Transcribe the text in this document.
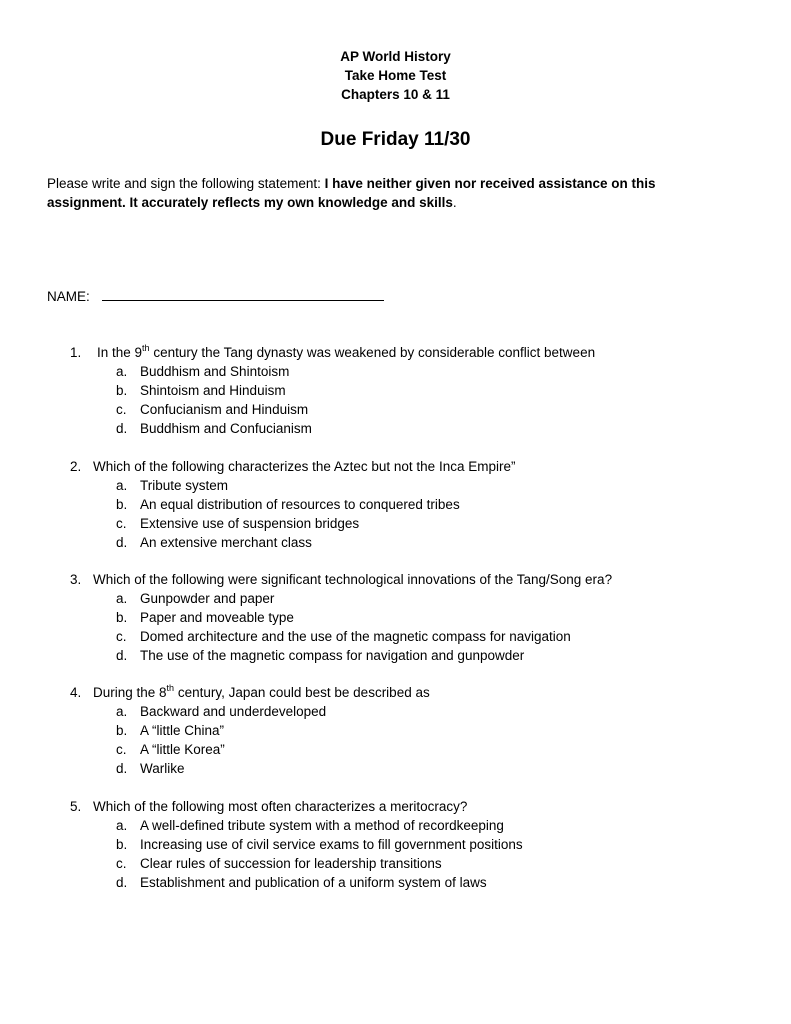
AP World History
Take Home Test
Chapters 10 & 11
Due Friday 11/30
Please write and sign the following statement: I have neither given nor received assistance on this
assignment. It accurately reflects my own knowledge and skills.
NAME:
1. In the 9th century the Tang dynasty was weakened by considerable conflict between
a. Buddhism and Shintoism
b. Shintoism and Hinduism
c. Confucianism and Hinduism
d. Buddhism and Confucianism
2. Which of the following characterizes the Aztec but not the Inca Empire”
a. Tribute system
b. An equal distribution of resources to conquered tribes
c. Extensive use of suspension bridges
d. An extensive merchant class
3. Which of the following were significant technological innovations of the Tang/Song era?
a. Gunpowder and paper
b. Paper and moveable type
c. Domed architecture and the use of the magnetic compass for navigation
d. The use of the magnetic compass for navigation and gunpowder
4. During the 8th century, Japan could best be described as
a. Backward and underdeveloped
b. A “little China”
c. A “little Korea”
d. Warlike
5. Which of the following most often characterizes a meritocracy?
a. A well-defined tribute system with a method of recordkeeping
b. Increasing use of civil service exams to fill government positions
c. Clear rules of succession for leadership transitions
d. Establishment and publication of a uniform system of laws
